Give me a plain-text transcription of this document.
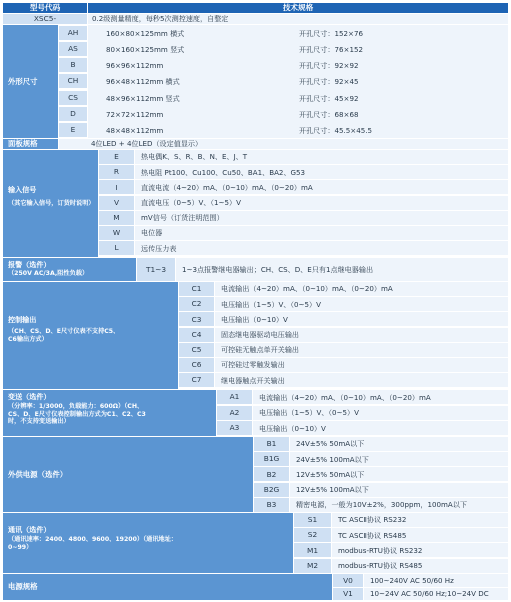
型号代码	技术规格
XSC5-	0.2级测量精度，每秒5次测控速度，自整定
外形尺寸
AH	160×80×125mm 横式	开孔尺寸：152×76
AS	80×160×125mm 竖式	开孔尺寸：76×152
B	96×96×112mm	开孔尺寸：92×92
CH	96×48×112mm 横式	开孔尺寸：92×45
CS	48×96×112mm 竖式	开孔尺寸：45×92
D	72×72×112mm	开孔尺寸：68×68
E	48×48×112mm	开孔尺寸：45.5×45.5
面板规格	4位LED + 4位LED（设定值显示）
输入信号
（其它输入信号，订货时说明）
E	热电偶K、S、R、B、N、E、J、T
R	热电阻 Pt100、Cu100、Cu50、BA1、BA2、G53
I	直流电流（4~20）mA、（0~10）mA、（0~20）mA
V	直流电压（0~5）V、（1~5）V
M	mV信号（订货注明范围）
W	电位器
L	远传压力表
报警（选件）
（250V AC/3A,阻性负载）	T1~3	1~3点报警继电器输出；CH、CS、D、E只有1点继电器输出
控制输出
（CH、CS、D、E尺寸仪表不支持C5、C6输出方式）
C1	电流输出（4~20）mA、（0~10）mA、（0~20）mA
C2	电压输出（1~5）V、（0~5）V
C3	电压输出（0~10）V
C4	固态继电器驱动电压输出
C5	可控硅无触点单开关输出
C6	可控硅过零触发输出
C7	继电器触点开关输出
变送（选件）
（分辨率：1/3000，负载能力：600Ω）（CH、CS、D、E尺寸仪表控制输出方式为C1、C2、C3时，不支持变送输出）
A1	电流输出（4~20）mA、（0~10）mA、（0~20）mA
A2	电压输出（1~5）V、（0~5）V
A3	电压输出（0~10）V
外供电源（选件）
B1	24V±5% 50mA以下
B1G	24V±5% 100mA以下
B2	12V±5% 50mA以下
B2G	12V±5% 100mA以下
B3	精密电源，一般为10V±2%，300ppm，100mA以下
通讯（选件）
（通讯速率：2400、4800、9600、19200）（通讯地址：0~99）
S1	TC ASCⅡ协议 RS232
S2	TC ASCⅡ协议 RS485
M1	modbus-RTU协议 RS232
M2	modbus-RTU协议 RS485
电源规格
V0	100~240V AC 50/60 Hz
V1	10~24V AC 50/60 Hz;10~24V DC
